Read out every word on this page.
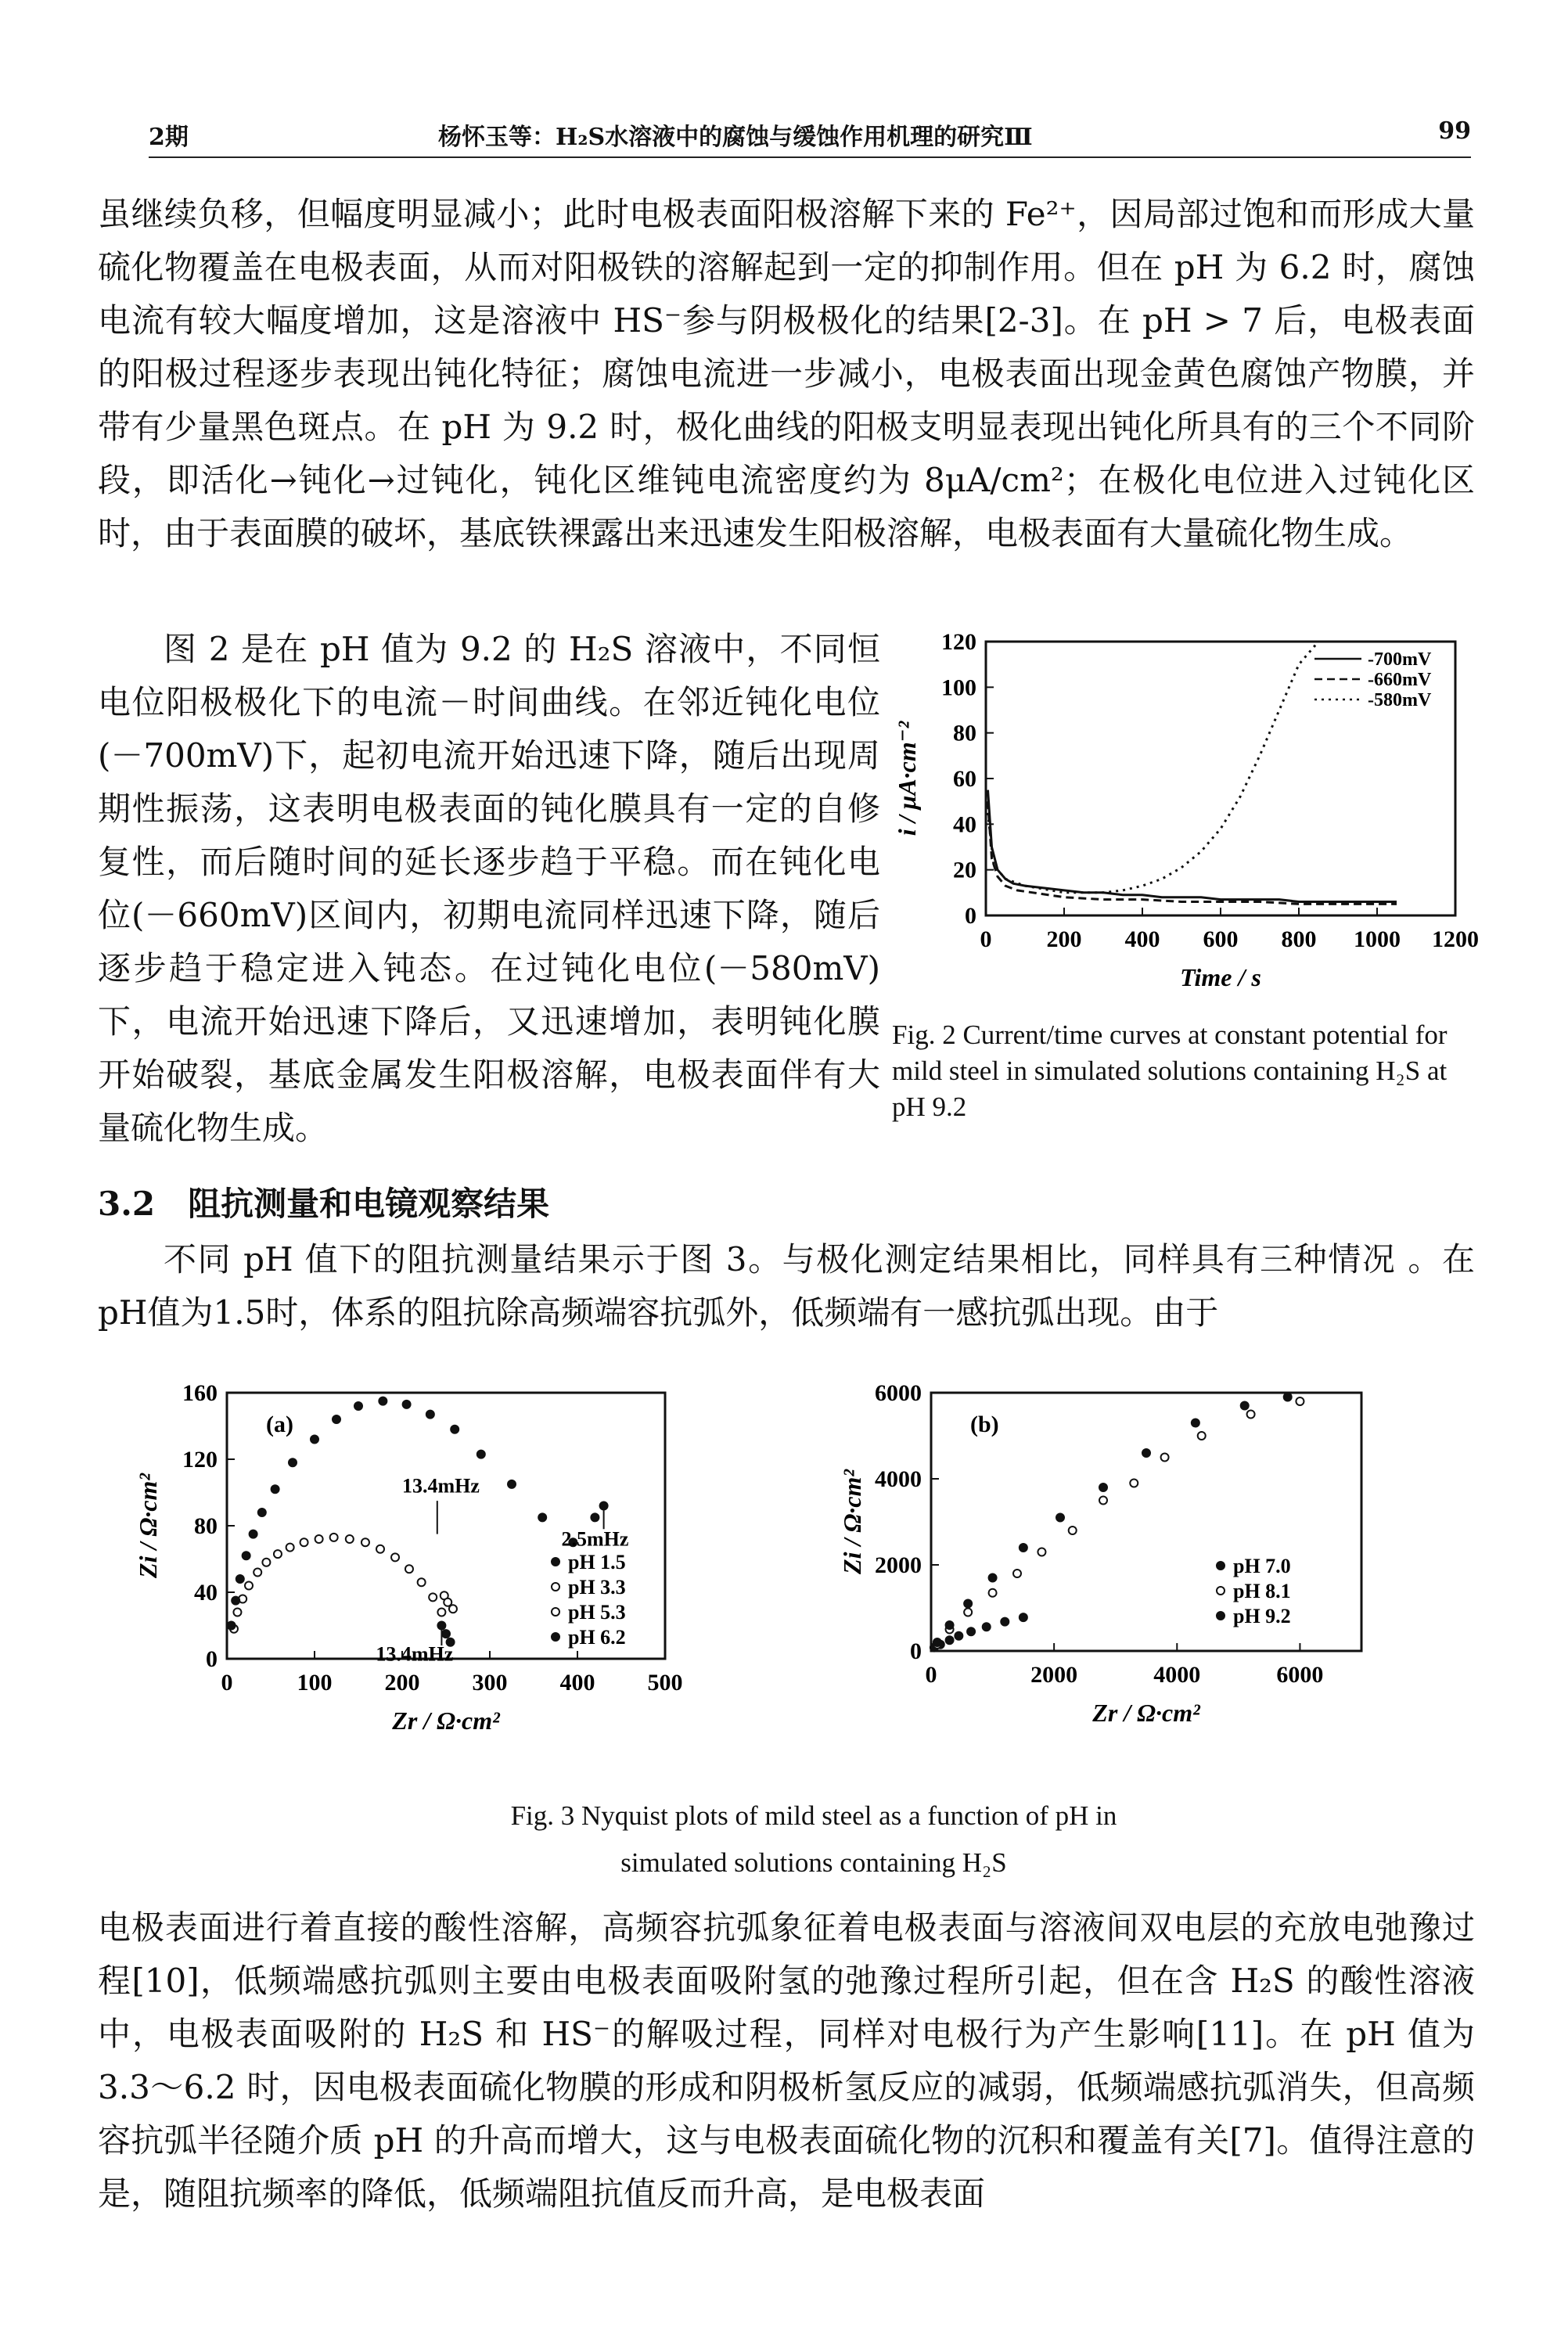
2期	杨怀玉等：H₂S水溶液中的腐蚀与缓蚀作用机理的研究Ⅲ	99

虽继续负移，但幅度明显减小；此时电极表面阳极溶解下来的 Fe²⁺，因局部过饱和而形成大量硫化物覆盖在电极表面，从而对阳极铁的溶解起到一定的抑制作用。但在 pH 为 6.2 时，腐蚀电流有较大幅度增加，这是溶液中 HS⁻参与阴极极化的结果[2-3]。在 pH > 7 后，电极表面的阳极过程逐步表现出钝化特征；腐蚀电流进一步减小，电极表面出现金黄色腐蚀产物膜，并带有少量黑色斑点。在 pH 为 9.2 时，极化曲线的阳极支明显表现出钝化所具有的三个不同阶段，即活化→钝化→过钝化，钝化区维钝电流密度约为 8μA/cm²；在极化电位进入过钝化区时，由于表面膜的破坏，基底铁裸露出来迅速发生阳极溶解，电极表面有大量硫化物生成。

图 2 是在 pH 值为 9.2 的 H₂S 溶液中，不同恒电位阳极极化下的电流－时间曲线。在邻近钝化电位(－700mV)下，起初电流开始迅速下降，随后出现周期性振荡，这表明电极表面的钝化膜具有一定的自修复性，而后随时间的延长逐步趋于平稳。而在钝化电位(－660mV)区间内，初期电流同样迅速下降，随后逐步趋于稳定进入钝态。在过钝化电位(－580mV)下，电流开始迅速下降后，又迅速增加，表明钝化膜开始破裂，基底金属发生阳极溶解，电极表面伴有大量硫化物生成。

3.2　阻抗测量和电镜观察结果

不同 pH 值下的阻抗测量结果示于图 3。与极化测定结果相比，同样具有三种情况 。在pH值为1.5时，体系的阻抗除高频端容抗弧外，低频端有一感抗弧出现。由于

电极表面进行着直接的酸性溶解，高频容抗弧象征着电极表面与溶液间双电层的充放电弛豫过程[10]，低频端感抗弧则主要由电极表面吸附氢的弛豫过程所引起，但在含 H₂S 的酸性溶液中，电极表面吸附的 H₂S 和 HS⁻的解吸过程，同样对电极行为产生影响[11]。在 pH 值为 3.3～6.2 时，因电极表面硫化物膜的形成和阴极析氢反应的减弱，低频端感抗弧消失，但高频容抗弧半径随介质 pH 的升高而增大，这与电极表面硫化物的沉积和覆盖有关[7]。值得注意的是，随阻抗频率的降低，低频端阻抗值反而升高，是电极表面

0 200 400 600 800 1000 1200
0
20
40
60
80
100
120
Time / s
i / μA·cm⁻²
-700mV
-660mV
-580mV

Fig. 2 Current/time curves at constant potential for mild steel in simulated solutions containing H₂S at pH 9.2

0	100 200 300 400 500
0
40
80
120
160
Zr / Ω·cm²
Zi / Ω·cm²
(a)
pH 1.5
pH 3.3
pH 5.3
pH 6.2
13.4mHz
2.5mHz
13.4mHz
0	2000	4000	6000
0
2000
4000
6000
Zr / Ω·cm²
Zi / Ω·cm²
(b)
pH 7.0
pH 8.1
pH 9.2

Fig. 3 Nyquist plots of mild steel as a function of pH in

simulated solutions containing H₂S
